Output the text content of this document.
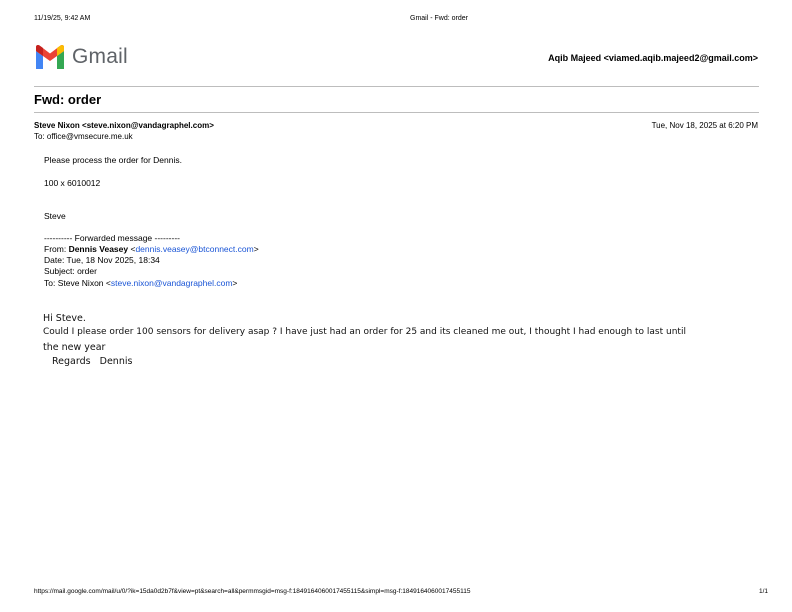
11/19/25, 9:42 AM	Gmail - Fwd: order
Gmail	Aqib Majeed <viamed.aqib.majeed2@gmail.com>
Fwd: order
Steve Nixon <steve.nixon@vandagraphel.com>	Tue, Nov 18, 2025 at 6:20 PM
To: office@vmsecure.me.uk
Please process the order for Dennis.
100 x 6010012
Steve
---------- Forwarded message ---------
From: Dennis Veasey <dennis.veasey@btconnect.com>
Date: Tue, 18 Nov 2025, 18:34
Subject: order
To: Steve Nixon <steve.nixon@vandagraphel.com>
Hi Steve.
Could I please order 100 sensors for delivery asap ? I have just had an order for 25 and its cleaned me out, I thought I had enough to last until
the new year
Regards   Dennis
https://mail.google.com/mail/u/0/?ik=15da0d2b7f&view=pt&search=all&permmsgid=msg-f:1849164060017455115&simpl=msg-f:1849164060017455115	1/1
